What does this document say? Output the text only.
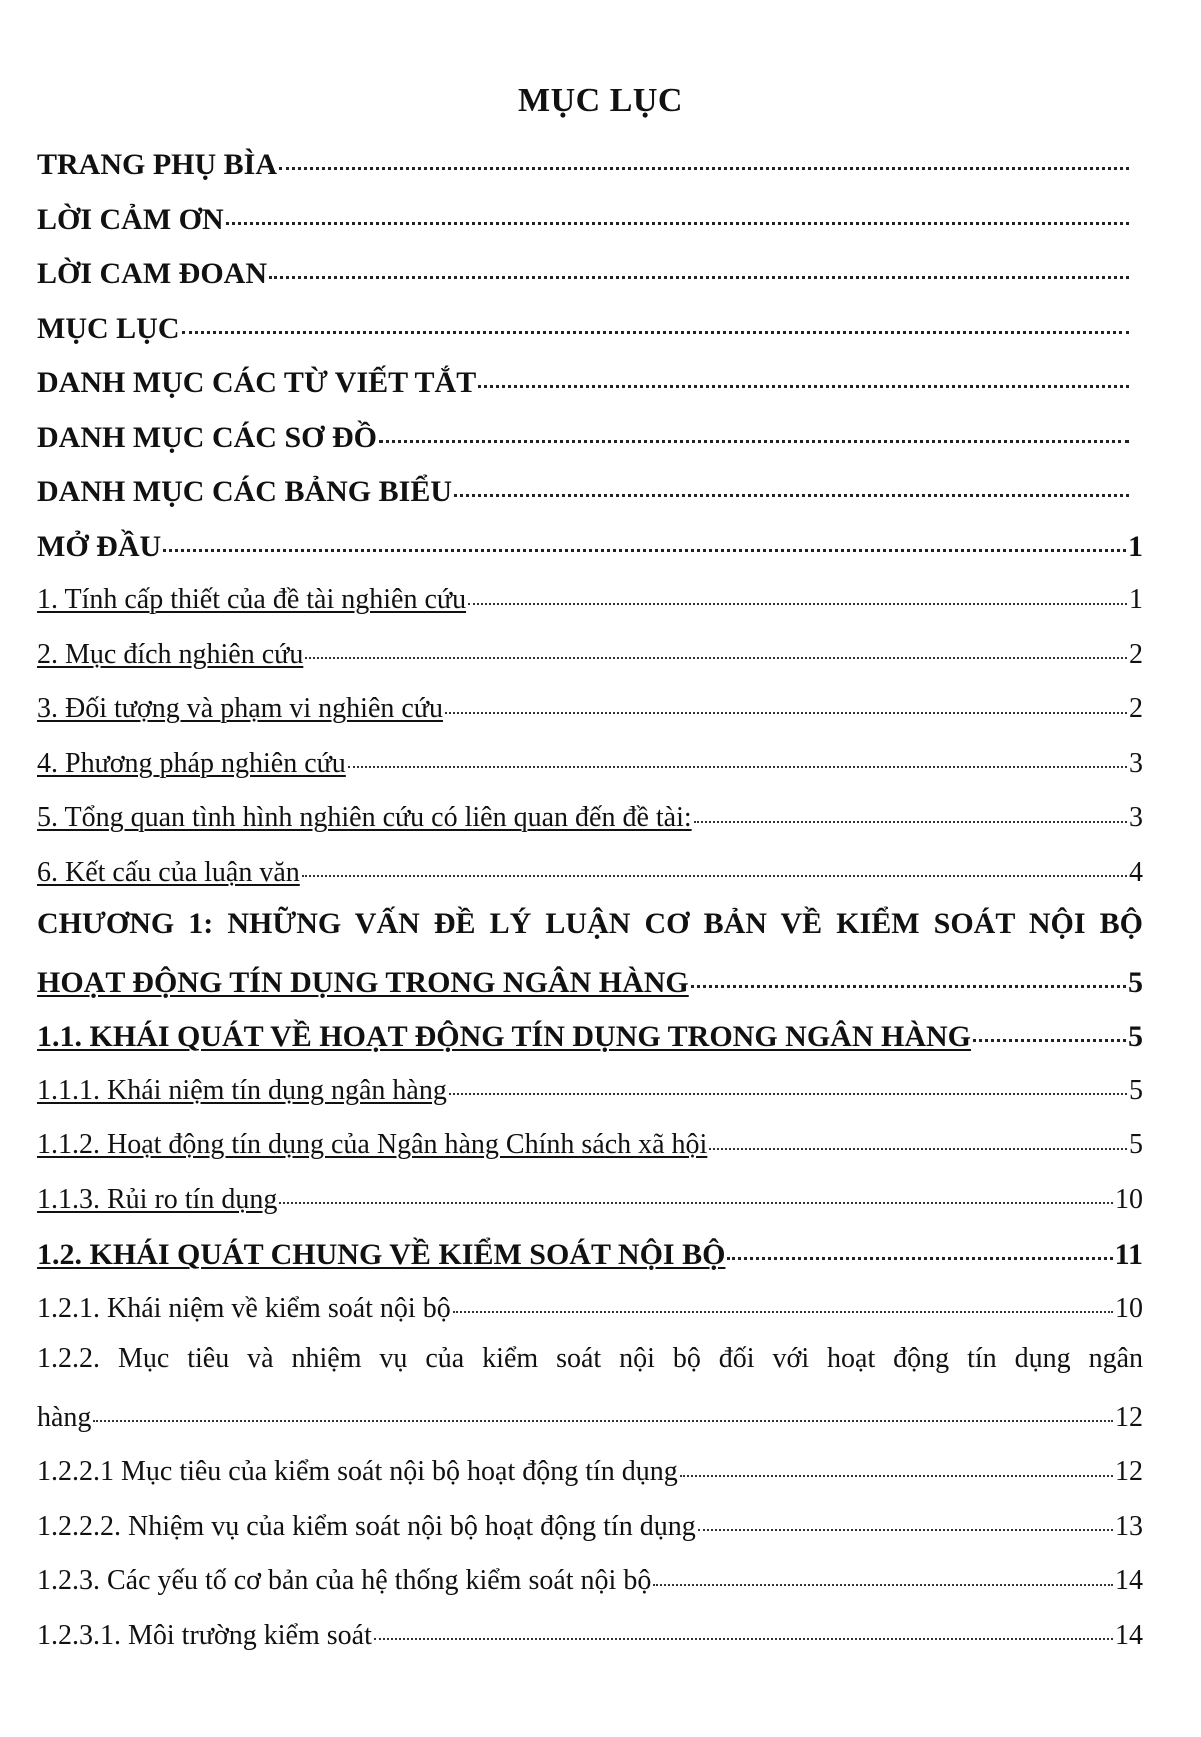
MỤC LỤC
TRANG PHỤ BÌA
LỜI CẢM ƠN
LỜI CAM ĐOAN
MỤC LỤC
DANH MỤC CÁC TỪ VIẾT TẮT
DANH MỤC CÁC SƠ ĐỒ
DANH MỤC CÁC BẢNG BIỂU
MỞ ĐẦU	1
1. Tính cấp thiết của đề tài nghiên cứu	1
2. Mục đích nghiên cứu	2
3. Đối tượng và phạm vi nghiên cứu	2
4. Phương pháp nghiên cứu	3
5. Tổng quan tình hình nghiên cứu có liên quan đến đề tài:	3
6. Kết cấu của luận văn	4
CHƯƠNG 1: NHỮNG VẤN ĐỀ LÝ LUẬN CƠ BẢN VỀ KIỂM SOÁT NỘI BỘ
HOẠT ĐỘNG TÍN DỤNG TRONG NGÂN HÀNG	5
1.1. KHÁI QUÁT VỀ HOẠT ĐỘNG TÍN DỤNG TRONG NGÂN HÀNG	5
1.1.1. Khái niệm tín dụng ngân hàng	5
1.1.2. Hoạt động tín dụng của Ngân hàng Chính sách xã hội	5
1.1.3. Rủi ro tín dụng	10
1.2. KHÁI QUÁT CHUNG VỀ KIỂM SOÁT NỘI BỘ	11
1.2.1. Khái niệm về kiểm soát nội bộ	10
1.2.2. Mục tiêu và nhiệm vụ của kiểm soát nội bộ đối với hoạt động tín dụng ngân
hàng	12
1.2.2.1 Mục tiêu của kiểm soát nội bộ hoạt động tín dụng	12
1.2.2.2. Nhiệm vụ của kiểm soát nội bộ hoạt động tín dụng	13
1.2.3. Các yếu tố cơ bản của hệ thống kiểm soát nội bộ	14
1.2.3.1. Môi trường kiểm soát	14
